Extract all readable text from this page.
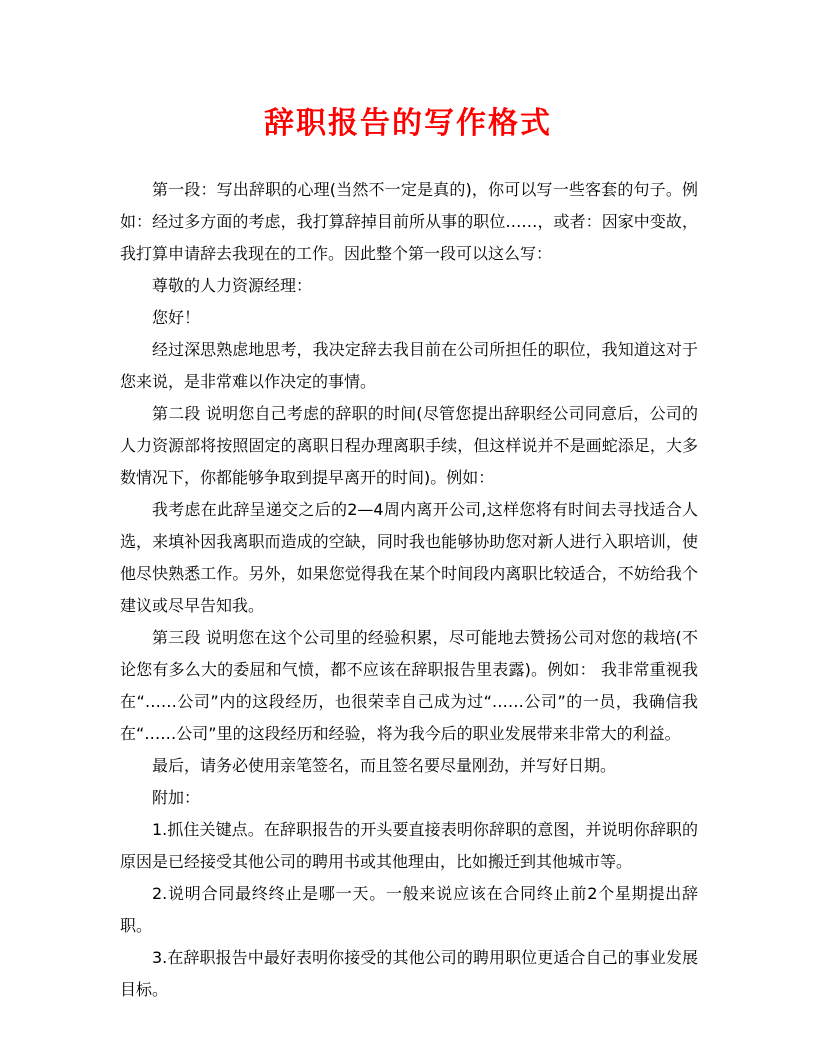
辞职报告的写作格式

第一段：写出辞职的心理(当然不一定是真的)，你可以写一些客套的句子。例如：经过多方面的考虑，我打算辞掉目前所从事的职位……，或者：因家中变故，我打算申请辞去我现在的工作。因此整个第一段可以这么写：

尊敬的人力资源经理：

您好！

经过深思熟虑地思考，我决定辞去我目前在公司所担任的职位，我知道这对于您来说，是非常难以作决定的事情。

第二段 说明您自己考虑的辞职的时间(尽管您提出辞职经公司同意后，公司的人力资源部将按照固定的离职日程办理离职手续，但这样说并不是画蛇添足，大多数情况下，你都能够争取到提早离开的时间)。例如：

我考虑在此辞呈递交之后的2—4周内离开公司,这样您将有时间去寻找适合人选，来填补因我离职而造成的空缺，同时我也能够协助您对新人进行入职培训，使他尽快熟悉工作。另外，如果您觉得我在某个时间段内离职比较适合，不妨给我个建议或尽早告知我。

第三段 说明您在这个公司里的经验积累，尽可能地去赞扬公司对您的栽培(不论您有多么大的委屈和气愤，都不应该在辞职报告里表露)。例如： 我非常重视我在“……公司”内的这段经历，也很荣幸自己成为过“……公司”的一员，我确信我在“……公司”里的这段经历和经验，将为我今后的职业发展带来非常大的利益。

最后，请务必使用亲笔签名，而且签名要尽量刚劲，并写好日期。

附加：

1.抓住关键点。在辞职报告的开头要直接表明你辞职的意图，并说明你辞职的原因是已经接受其他公司的聘用书或其他理由，比如搬迁到其他城市等。

2.说明合同最终终止是哪一天。一般来说应该在合同终止前2个星期提出辞职。

3.在辞职报告中最好表明你接受的其他公司的聘用职位更适合自己的事业发展目标。
